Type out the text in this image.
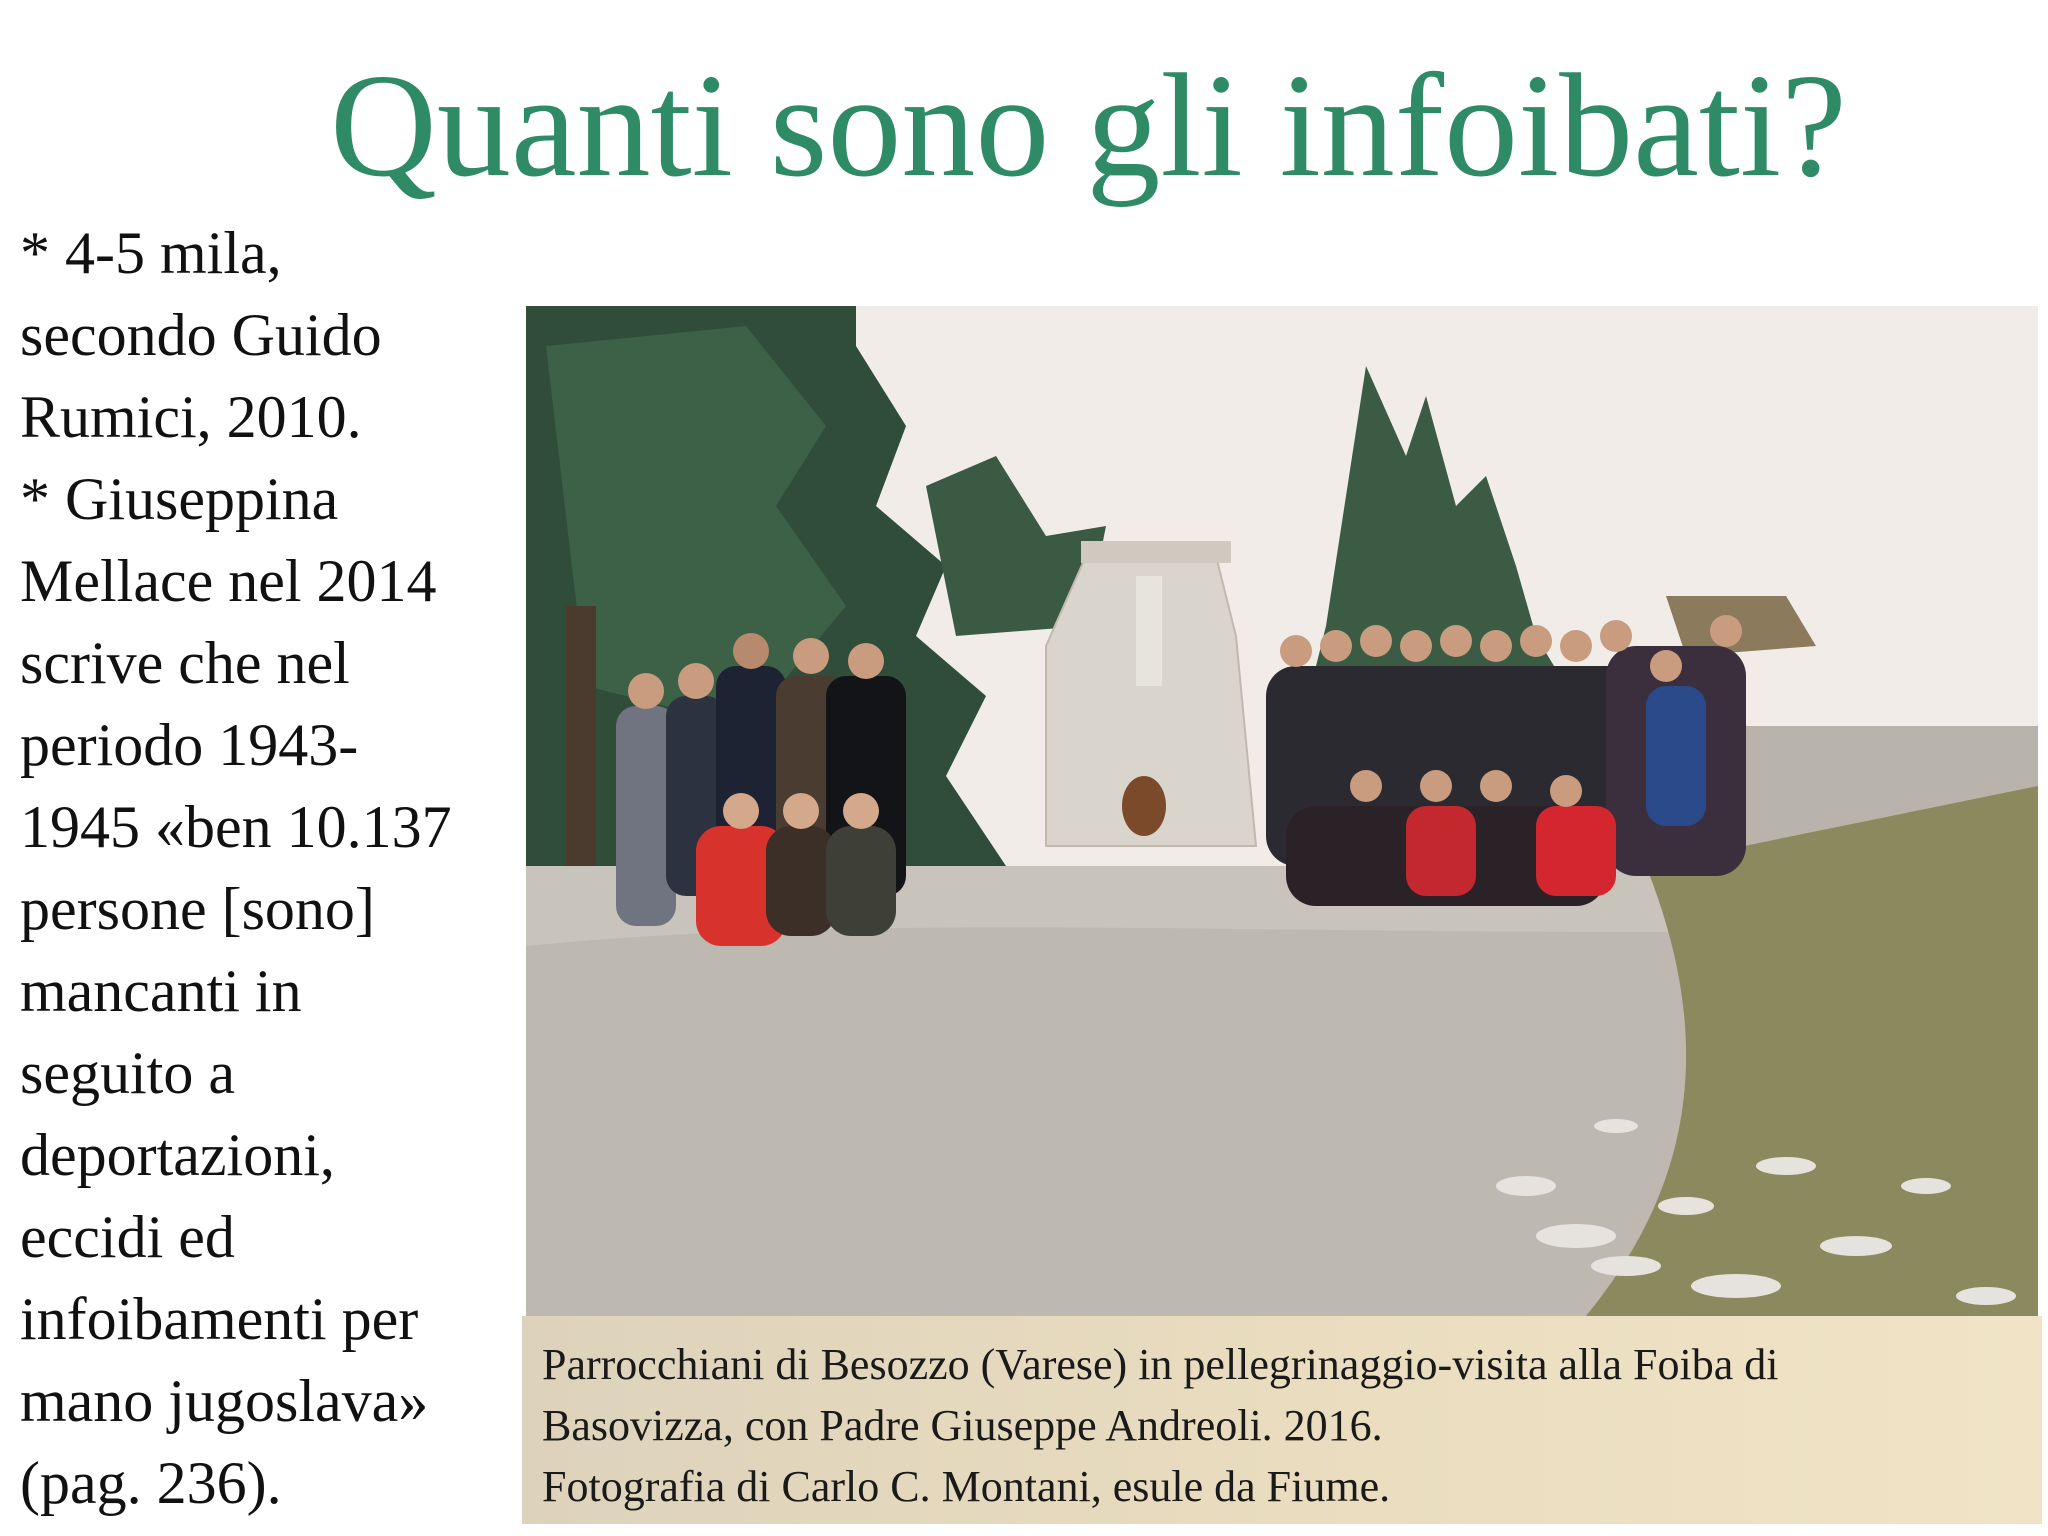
Quanti sono gli infoibati?

* 4-5 mila,
secondo Guido
Rumici, 2010.
* Giuseppina
Mellace nel 2014
scrive che nel
periodo 1943-
1945 «ben 10.137
persone [sono]
mancanti in
seguito a
deportazioni,
eccidi ed
infoibamenti per
mano jugoslava»
(pag. 236).

Parrocchiani di Besozzo (Varese) in pellegrinaggio-visita alla Foiba di
Basovizza, con Padre Giuseppe Andreoli. 2016.
Fotografia di Carlo C. Montani, esule da Fiume.
